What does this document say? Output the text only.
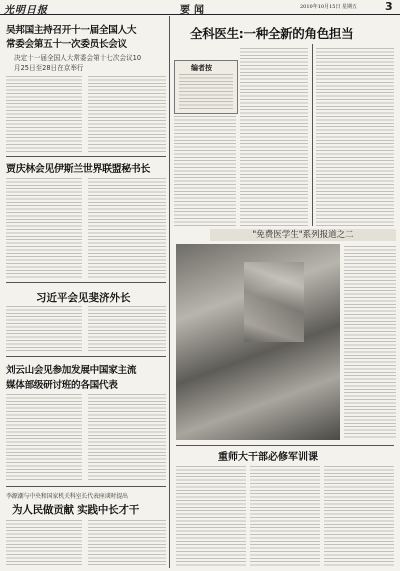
光明日报	要闻	2010年10月15日 星期五	3
吴邦国主持召开十一届全国人大
常委会第五十一次委员长会议
决定十一届全国人大常委会第十七次会议10
月25日至28日在京举行
贾庆林会见伊斯兰世界联盟秘书长
习近平会见斐济外长
刘云山会见参加发展中国家主流
媒体部级研讨班的各国代表
李源潮与中央和国家机关科室长代表座谈时提出
为人民做贡献 实践中长才干
全科医生:一种全新的角色担当
编者按
"免费医学生"系列报道之二
重师大干部必修军训课
